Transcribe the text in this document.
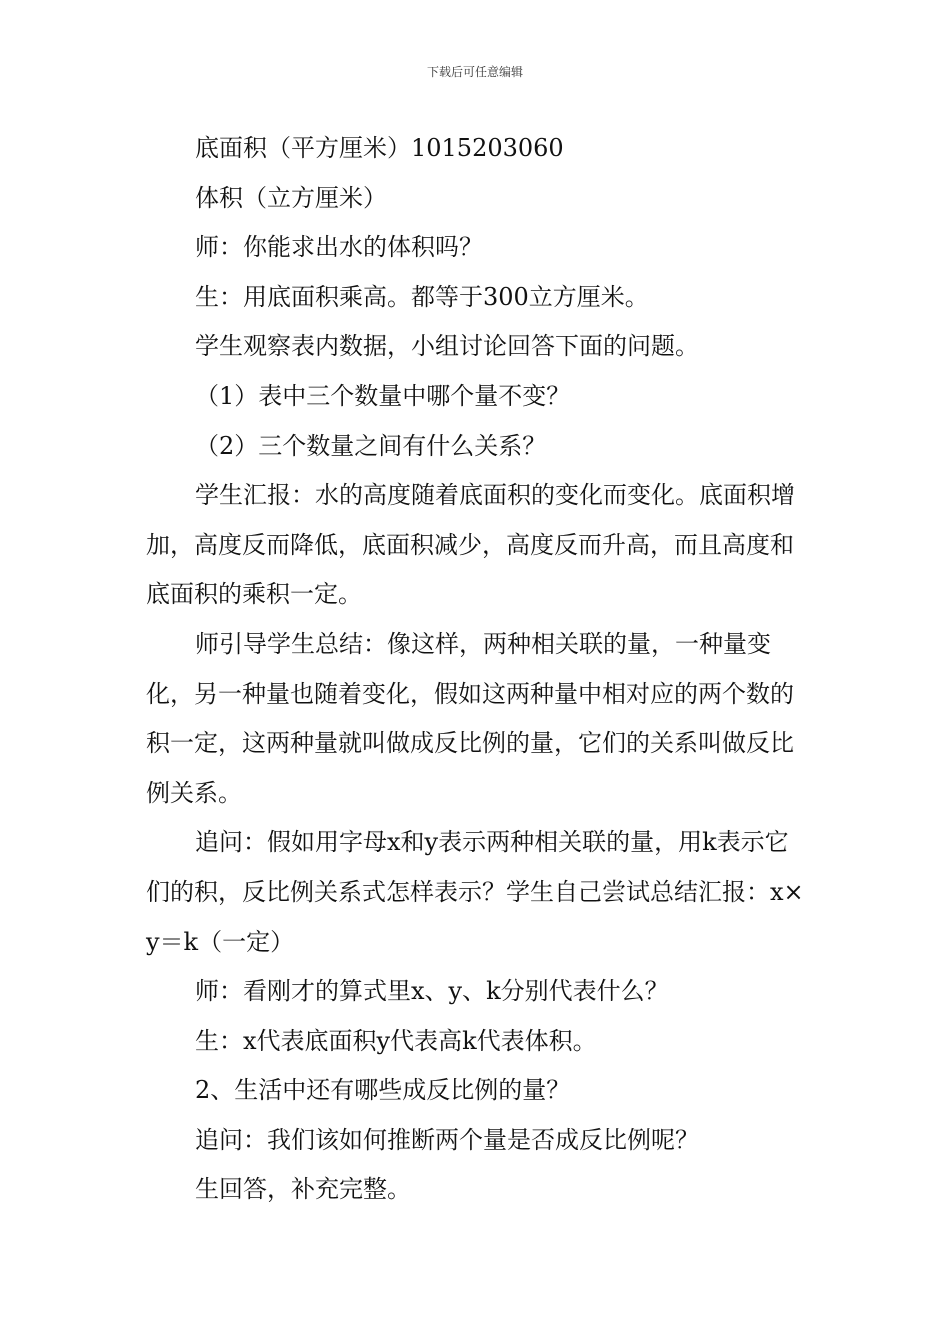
下载后可任意编辑

底面积（平方厘米）1015203060

体积（立方厘米）

师：你能求出水的体积吗？

生：用底面积乘高。都等于300立方厘米。

学生观察表内数据，小组讨论回答下面的问题。

（1）表中三个数量中哪个量不变？

（2）三个数量之间有什么关系？

学生汇报：水的高度随着底面积的变化而变化。底面积增加，高度反而降低，底面积减少，高度反而升高，而且高度和底面积的乘积一定。

师引导学生总结：像这样，两种相关联的量，一种量变化，另一种量也随着变化，假如这两种量中相对应的两个数的积一定，这两种量就叫做成反比例的量，它们的关系叫做反比例关系。

追问：假如用字母x和y表示两种相关联的量，用k表示它们的积，反比例关系式怎样表示？学生自己尝试总结汇报：x×y＝k（一定）

师：看刚才的算式里x、y、k分别代表什么？

生：x代表底面积y代表高k代表体积。

2、生活中还有哪些成反比例的量？

追问：我们该如何推断两个量是否成反比例呢？

生回答，补充完整。
